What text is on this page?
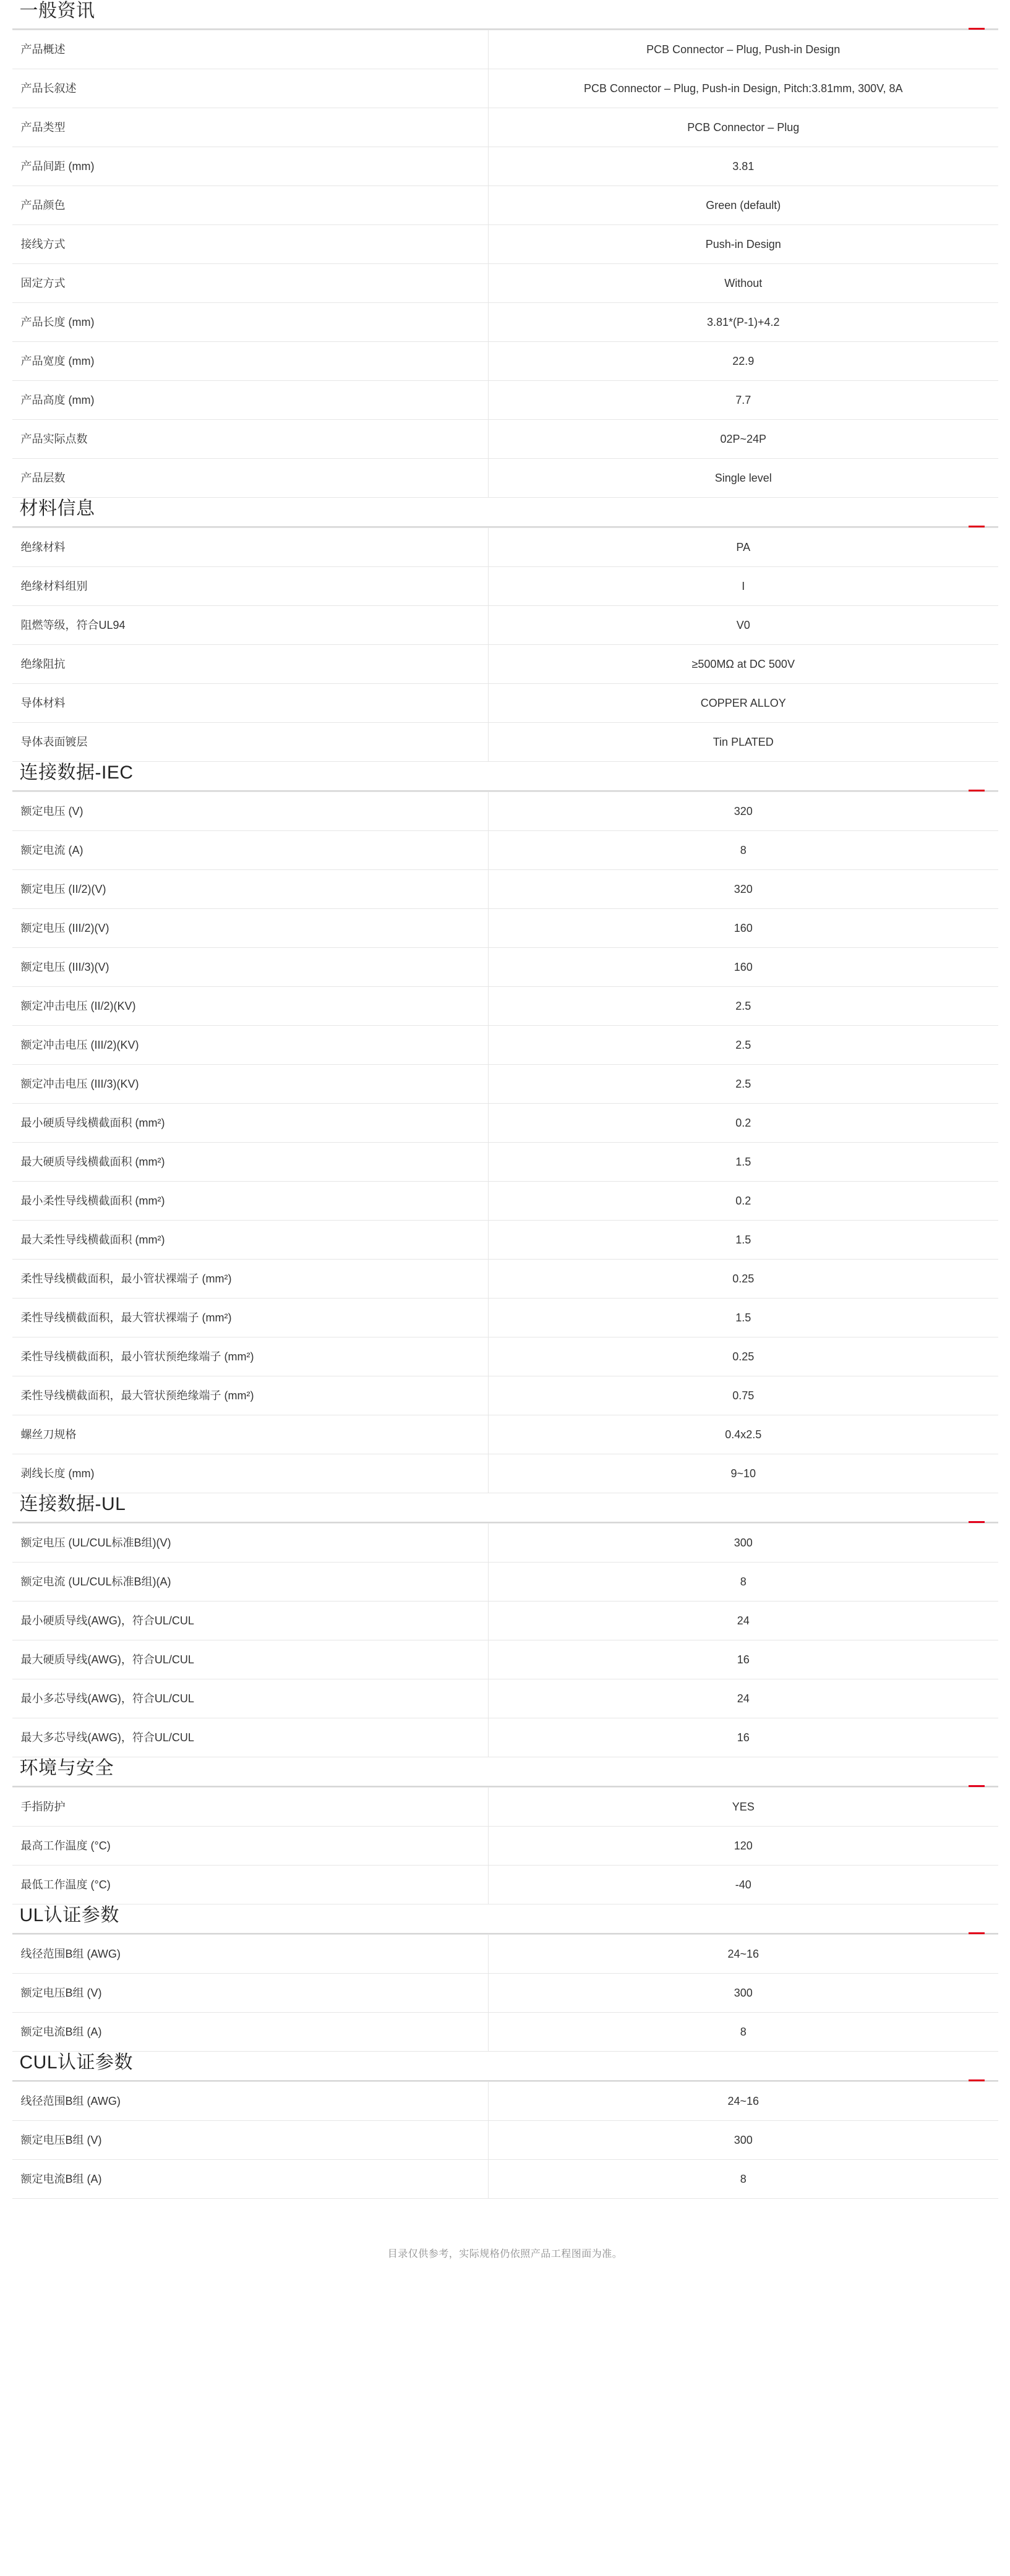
一般资讯
产品概述	PCB Connector – Plug, Push-in Design
产品长叙述	PCB Connector – Plug, Push-in Design, Pitch:3.81mm, 300V, 8A
产品类型	PCB Connector – Plug
产品间距 (mm)	3.81
产品颜色	Green (default)
接线方式	Push-in Design
固定方式	Without
产品长度 (mm)	3.81*(P-1)+4.2
产品宽度 (mm)	22.9
产品高度 (mm)	7.7
产品实际点数	02P~24P
产品层数	Single level
材料信息
绝缘材料	PA
绝缘材料组别	I
阻燃等级，符合UL94	V0
绝缘阻抗	≥500MΩ at DC 500V
导体材料	COPPER ALLOY
导体表面镀层	Tin PLATED
连接数据-IEC
额定电压 (V)	320
额定电流 (A)	8
额定电压 (II/2)(V)	320
额定电压 (III/2)(V)	160
额定电压 (III/3)(V)	160
额定冲击电压 (II/2)(KV)	2.5
额定冲击电压 (III/2)(KV)	2.5
额定冲击电压 (III/3)(KV)	2.5
最小硬质导线横截面积 (mm²)	0.2
最大硬质导线横截面积 (mm²)	1.5
最小柔性导线横截面积 (mm²)	0.2
最大柔性导线横截面积 (mm²)	1.5
柔性导线横截面积，最小管状裸端子 (mm²)	0.25
柔性导线横截面积，最大管状裸端子 (mm²)	1.5
柔性导线横截面积，最小管状预绝缘端子 (mm²)	0.25
柔性导线横截面积，最大管状预绝缘端子 (mm²)	0.75
螺丝刀规格	0.4x2.5
剥线长度 (mm)	9~10
连接数据-UL
额定电压 (UL/CUL标准B组)(V)	300
额定电流 (UL/CUL标准B组)(A)	8
最小硬质导线(AWG)，符合UL/CUL	24
最大硬质导线(AWG)，符合UL/CUL	16
最小多芯导线(AWG)，符合UL/CUL	24
最大多芯导线(AWG)，符合UL/CUL	16
环境与安全
手指防护	YES
最高工作温度 (°C)	120
最低工作温度 (°C)	-40
UL认证参数
线径范围B组 (AWG)	24~16
额定电压B组 (V)	300
额定电流B组 (A)	8
CUL认证参数
线径范围B组 (AWG)	24~16
额定电压B组 (V)	300
额定电流B组 (A)	8
目录仅供参考，实际规格仍依照产品工程图面为准。
